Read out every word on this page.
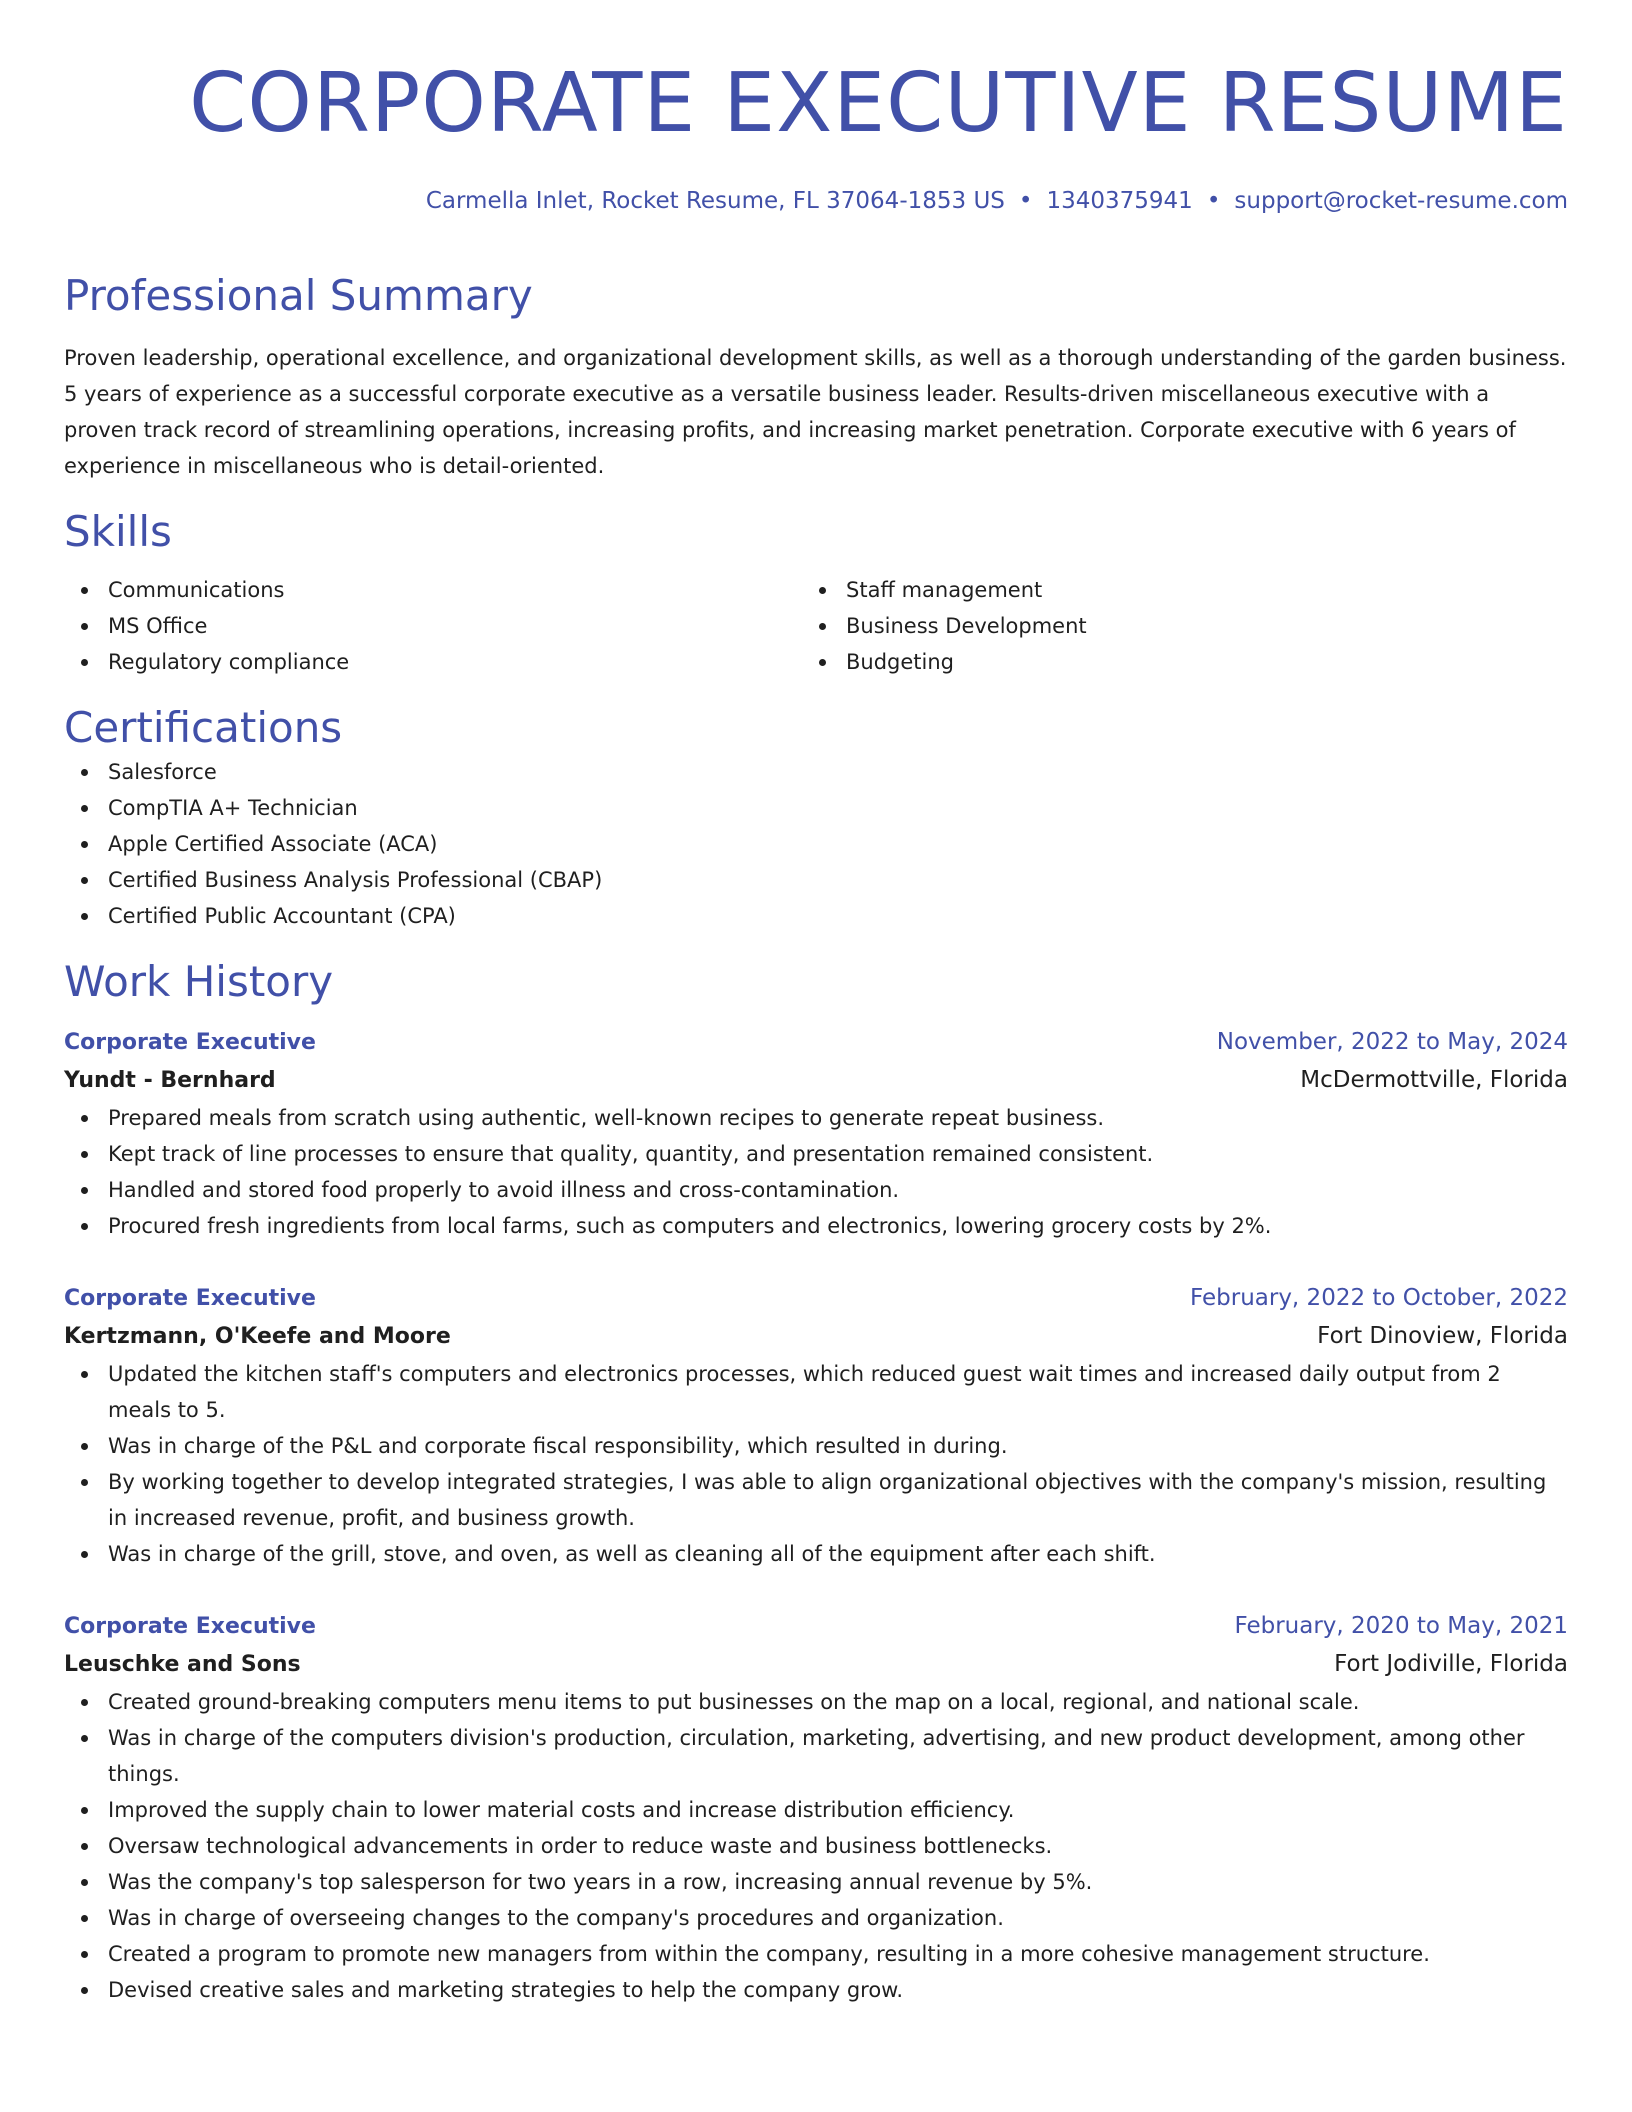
CORPORATE EXECUTIVE RESUME
Carmella Inlet, Rocket Resume, FL 37064-1853 US • 1340375941 • support@rocket-resume.com
Professional Summary
Proven leadership, operational excellence, and organizational development skills, as well as a thorough understanding of the garden business. 5 years of experience as a successful corporate executive as a versatile business leader. Results-driven miscellaneous executive with a proven track record of streamlining operations, increasing profits, and increasing market penetration. Corporate executive with 6 years of experience in miscellaneous who is detail-oriented.
Skills
Communications
MS Office
Regulatory compliance
Staff management
Business Development
Budgeting
Certifications
Salesforce
CompTIA A+ Technician
Apple Certified Associate (ACA)
Certified Business Analysis Professional (CBAP)
Certified Public Accountant (CPA)
Work History
Corporate Executive	November, 2022 to May, 2024
Yundt - Bernhard	McDermottville, Florida
Prepared meals from scratch using authentic, well-known recipes to generate repeat business.
Kept track of line processes to ensure that quality, quantity, and presentation remained consistent.
Handled and stored food properly to avoid illness and cross-contamination.
Procured fresh ingredients from local farms, such as computers and electronics, lowering grocery costs by 2%.
Corporate Executive	February, 2022 to October, 2022
Kertzmann, O'Keefe and Moore	Fort Dinoview, Florida
Updated the kitchen staff's computers and electronics processes, which reduced guest wait times and increased daily output from 2 meals to 5.
Was in charge of the P&L and corporate fiscal responsibility, which resulted in during.
By working together to develop integrated strategies, I was able to align organizational objectives with the company's mission, resulting in increased revenue, profit, and business growth.
Was in charge of the grill, stove, and oven, as well as cleaning all of the equipment after each shift.
Corporate Executive	February, 2020 to May, 2021
Leuschke and Sons	Fort Jodiville, Florida
Created ground-breaking computers menu items to put businesses on the map on a local, regional, and national scale.
Was in charge of the computers division's production, circulation, marketing, advertising, and new product development, among other things.
Improved the supply chain to lower material costs and increase distribution efficiency.
Oversaw technological advancements in order to reduce waste and business bottlenecks.
Was the company's top salesperson for two years in a row, increasing annual revenue by 5%.
Was in charge of overseeing changes to the company's procedures and organization.
Created a program to promote new managers from within the company, resulting in a more cohesive management structure.
Devised creative sales and marketing strategies to help the company grow.
